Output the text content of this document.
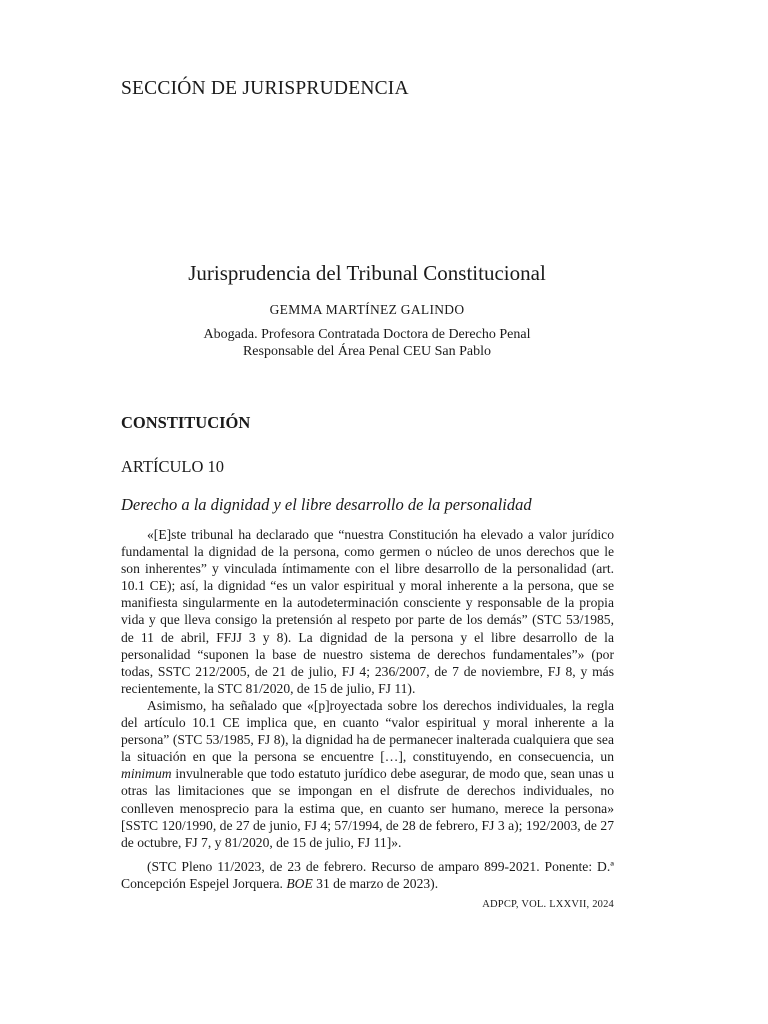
SECCIÓN DE JURISPRUDENCIA
Jurisprudencia del Tribunal Constitucional
GEMMA MARTÍNEZ GALINDO
Abogada. Profesora Contratada Doctora de Derecho Penal
Responsable del Área Penal CEU San Pablo
CONSTITUCIÓN
ARTÍCULO 10
Derecho a la dignidad y el libre desarrollo de la personalidad

«[E]ste tribunal ha declarado que “nuestra Constitución ha elevado a valor jurídico fundamental la dignidad de la persona, como germen o núcleo de unos derechos que le son inherentes” y vinculada íntimamente con el libre desarrollo de la personalidad (art. 10.1 CE); así, la dignidad “es un valor espiritual y moral inherente a la persona, que se manifiesta singularmente en la autodeterminación consciente y responsable de la propia vida y que lleva consigo la pretensión al respeto por parte de los demás” (STC 53/1985, de 11 de abril, FFJJ 3 y 8). La dignidad de la persona y el libre desarrollo de la personalidad “suponen la base de nuestro sistema de derechos fundamentales”» (por todas, SSTC 212/2005, de 21 de julio, FJ 4; 236/2007, de 7 de noviembre, FJ 8, y más recientemente, la STC 81/2020, de 15 de julio, FJ 11).

Asimismo, ha señalado que «[p]royectada sobre los derechos individuales, la regla del artículo 10.1 CE implica que, en cuanto “valor espiritual y moral inherente a la persona” (STC 53/1985, FJ 8), la dignidad ha de permanecer inalterada cualquiera que sea la situación en que la persona se encuentre […], constituyendo, en consecuencia, un minimum invulnerable que todo estatuto jurídico debe asegurar, de modo que, sean unas u otras las limitaciones que se impongan en el disfrute de derechos individuales, no conlleven menosprecio para la estima que, en cuanto ser humano, merece la persona» [SSTC 120/1990, de 27 de junio, FJ 4; 57/1994, de 28 de febrero, FJ 3 a); 192/2003, de 27 de octubre, FJ 7, y 81/2020, de 15 de julio, FJ 11]».

(STC Pleno 11/2023, de 23 de febrero. Recurso de amparo 899-2021. Ponente: D.ª Concepción Espejel Jorquera. BOE 31 de marzo de 2023).

ADPCP, VOL. LXXVII, 2024
